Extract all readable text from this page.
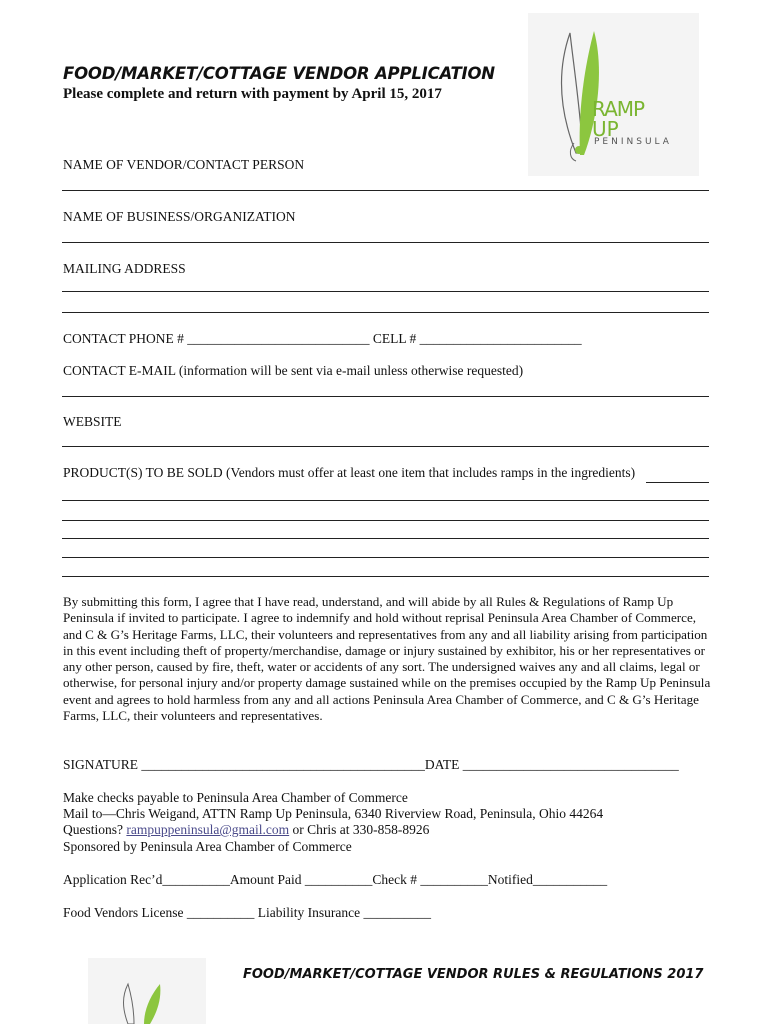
FOOD/MARKET/COTTAGE VENDOR APPLICATION
Please complete and return with payment by April 15, 2017
RAMP
UP
PENINSULA
NAME OF VENDOR/CONTACT PERSON
NAME OF BUSINESS/ORGANIZATION
MAILING ADDRESS
CONTACT PHONE # ___________________________ CELL # ________________________
CONTACT E-MAIL (information will be sent via e-mail unless otherwise requested)
WEBSITE
PRODUCT(S) TO BE SOLD (Vendors must offer at least one item that includes ramps in the ingredients)
By submitting this form, I agree that I have read, understand, and will abide by all Rules & Regulations of Ramp Up Peninsula if invited to participate. I agree to indemnify and hold without reprisal Peninsula Area Chamber of Commerce, and C & G’s Heritage Farms, LLC, their volunteers and representatives from any and all liability arising from participation in this event including theft of property/merchandise, damage or injury sustained by exhibitor, his or her representatives or any other person, caused by fire, theft, water or accidents of any sort. The undersigned waives any and all claims, legal or otherwise, for personal injury and/or property damage sustained while on the premises occupied by the Ramp Up Peninsula event and agrees to hold harmless from any and all actions Peninsula Area Chamber of Commerce, and C & G’s Heritage Farms, LLC, their volunteers and representatives.
SIGNATURE __________________________________________DATE ________________________________
Make checks payable to Peninsula Area Chamber of Commerce
Mail to—Chris Weigand, ATTN Ramp Up Peninsula, 6340 Riverview Road, Peninsula, Ohio 44264
Questions? rampuppeninsula@gmail.com or Chris at 330-858-8926
Sponsored by Peninsula Area Chamber of Commerce
Application Rec’d__________Amount Paid __________Check # __________Notified___________
Food Vendors License __________ Liability Insurance __________
FOOD/MARKET/COTTAGE VENDOR RULES & REGULATIONS 2017
